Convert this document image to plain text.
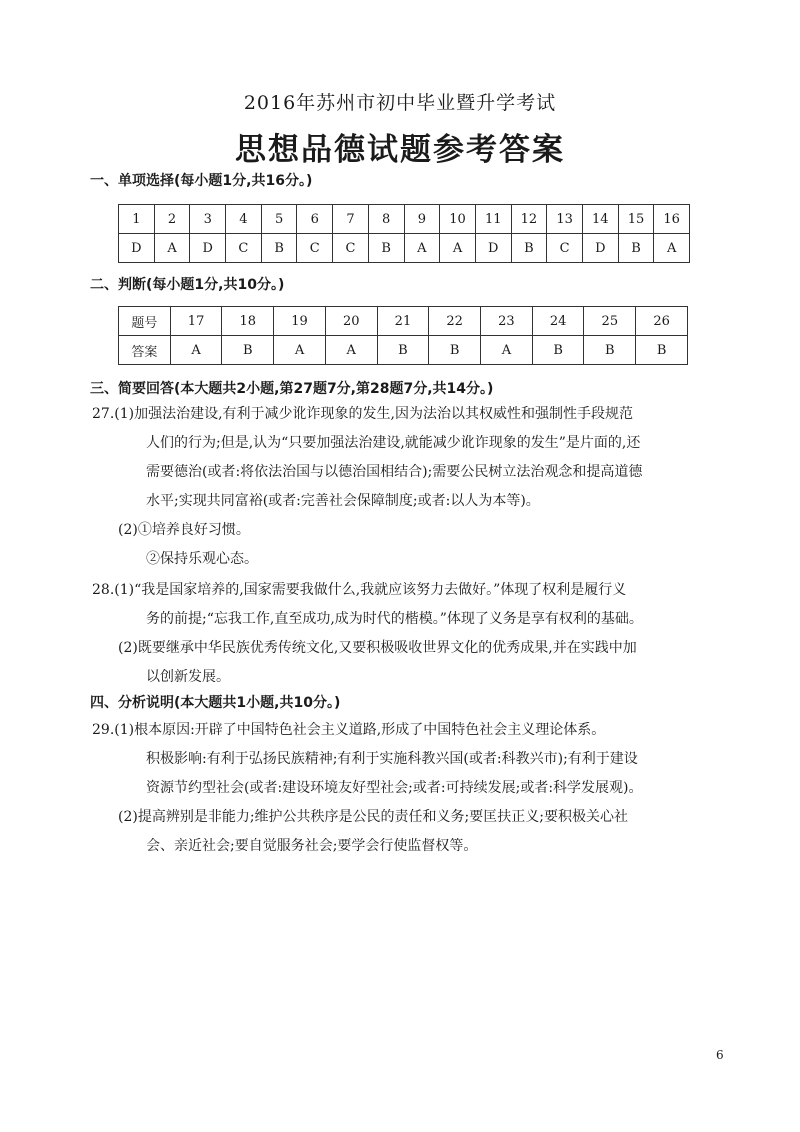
2016年苏州市初中毕业暨升学考试
思想品德试题参考答案
一、单项选择(每小题1分,共16分。)
1	2	3	4	5	6	7	8	9	10	11	12	13	14	15	16
D	A	D	C	B	C	C	B	A	A	D	B	C	D	B	A
二、判断(每小题1分,共10分。)
题号	17	18	19	20	21	22	23	24	25	26
答案	A	B	A	A	B	B	A	B	B	B
三、简要回答(本大题共2小题,第27题7分,第28题7分,共14分。)
27.(1)加强法治建设,有利于减少讹诈现象的发生,因为法治以其权威性和强制性手段规范
人们的行为;但是,认为“只要加强法治建设,就能减少讹诈现象的发生”是片面的,还
需要德治(或者:将依法治国与以德治国相结合);需要公民树立法治观念和提高道德
水平;实现共同富裕(或者:完善社会保障制度;或者:以人为本等)。
(2)①培养良好习惯。
②保持乐观心态。
28.(1)“我是国家培养的,国家需要我做什么,我就应该努力去做好。”体现了权利是履行义
务的前提;“忘我工作,直至成功,成为时代的楷模。”体现了义务是享有权利的基础。
(2)既要继承中华民族优秀传统文化,又要积极吸收世界文化的优秀成果,并在实践中加
以创新发展。
四、分析说明(本大题共1小题,共10分。)
29.(1)根本原因:开辟了中国特色社会主义道路,形成了中国特色社会主义理论体系。
积极影响:有利于弘扬民族精神;有利于实施科教兴国(或者:科教兴市);有利于建设
资源节约型社会(或者:建设环境友好型社会;或者:可持续发展;或者:科学发展观)。
(2)提高辨别是非能力;维护公共秩序是公民的责任和义务;要匡扶正义;要积极关心社
会、亲近社会;要自觉服务社会;要学会行使监督权等。
6
